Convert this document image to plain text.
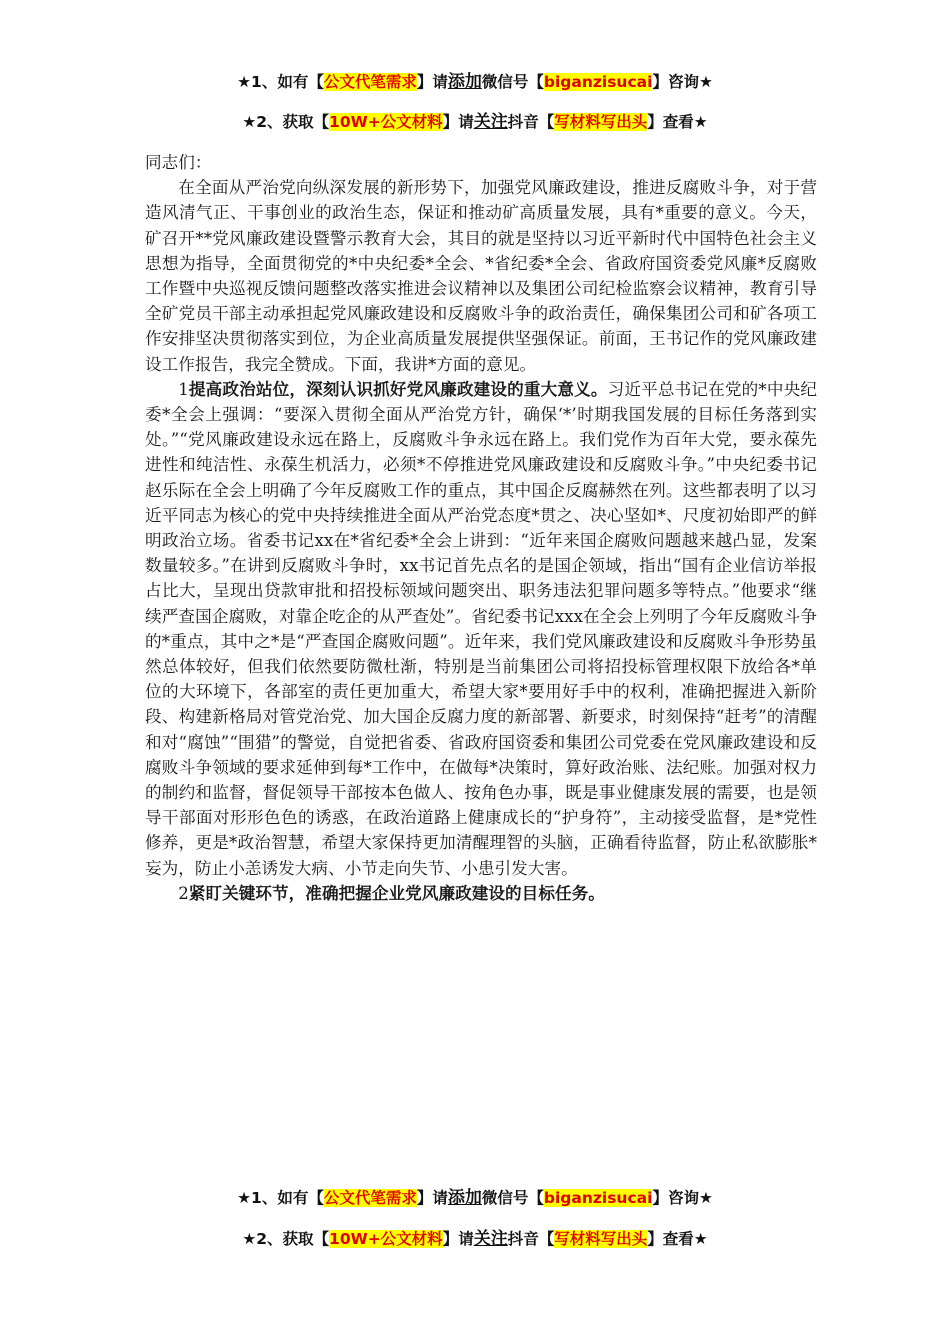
★1、如有【公文代笔需求】请添加微信号【biganzisucai】咨询★
★2、获取【10W+公文材料】请关注抖音【写材料写出头】查看★

同志们：

在全面从严治党向纵深发展的新形势下，加强党风廉政建设，推进反腐败斗争，对于营造风清气正、干事创业的政治生态，保证和推动矿高质量发展，具有*重要的意义。今天，矿召开**党风廉政建设暨警示教育大会，其目的就是坚持以习近平新时代中国特色社会主义思想为指导，全面贯彻党的*中央纪委*全会、*省纪委*全会、省政府国资委党风廉*反腐败工作暨中央巡视反馈问题整改落实推进会议精神以及集团公司纪检监察会议精神，教育引导全矿党员干部主动承担起党风廉政建设和反腐败斗争的政治责任，确保集团公司和矿各项工作安排坚决贯彻落实到位，为企业高质量发展提供坚强保证。前面，王书记作的党风廉政建设工作报告，我完全赞成。下面，我讲*方面的意见。

1提高政治站位，深刻认识抓好党风廉政建设的重大意义。习近平总书记在党的*中央纪委*全会上强调：“要深入贯彻全面从严治党方针，确保‘*’时期我国发展的目标任务落到实处。”“党风廉政建设永远在路上，反腐败斗争永远在路上。我们党作为百年大党，要永葆先进性和纯洁性、永葆生机活力，必须*不停推进党风廉政建设和反腐败斗争。”中央纪委书记赵乐际在全会上明确了今年反腐败工作的重点，其中国企反腐赫然在列。这些都表明了以习近平同志为核心的党中央持续推进全面从严治党态度*贯之、决心坚如*、尺度初始即严的鲜明政治立场。省委书记xx在*省纪委*全会上讲到：“近年来国企腐败问题越来越凸显，发案数量较多。”在讲到反腐败斗争时，xx书记首先点名的是国企领域，指出“国有企业信访举报占比大，呈现出贷款审批和招投标领域问题突出、职务违法犯罪问题多等特点。”他要求“继续严查国企腐败，对靠企吃企的从严查处”。省纪委书记xxx在全会上列明了今年反腐败斗争的*重点，其中之*是“严查国企腐败问题”。近年来，我们党风廉政建设和反腐败斗争形势虽然总体较好，但我们依然要防微杜渐，特别是当前集团公司将招投标管理权限下放给各*单位的大环境下，各部室的责任更加重大，希望大家*要用好手中的权利，准确把握进入新阶段、构建新格局对管党治党、加大国企反腐力度的新部署、新要求，时刻保持“赶考”的清醒和对“腐蚀”“围猎”的警觉，自觉把省委、省政府国资委和集团公司党委在党风廉政建设和反腐败斗争领域的要求延伸到每*工作中，在做每*决策时，算好政治账、法纪账。加强对权力的制约和监督，督促领导干部按本色做人、按角色办事，既是事业健康发展的需要，也是领导干部面对形形色色的诱惑，在政治道路上健康成长的“护身符”，主动接受监督，是*党性修养，更是*政治智慧，希望大家保持更加清醒理智的头脑，正确看待监督，防止私欲膨胀*妄为，防止小恙诱发大病、小节走向失节、小患引发大害。

2紧盯关键环节，准确把握企业党风廉政建设的目标任务。

★1、如有【公文代笔需求】请添加微信号【biganzisucai】咨询★
★2、获取【10W+公文材料】请关注抖音【写材料写出头】查看★
